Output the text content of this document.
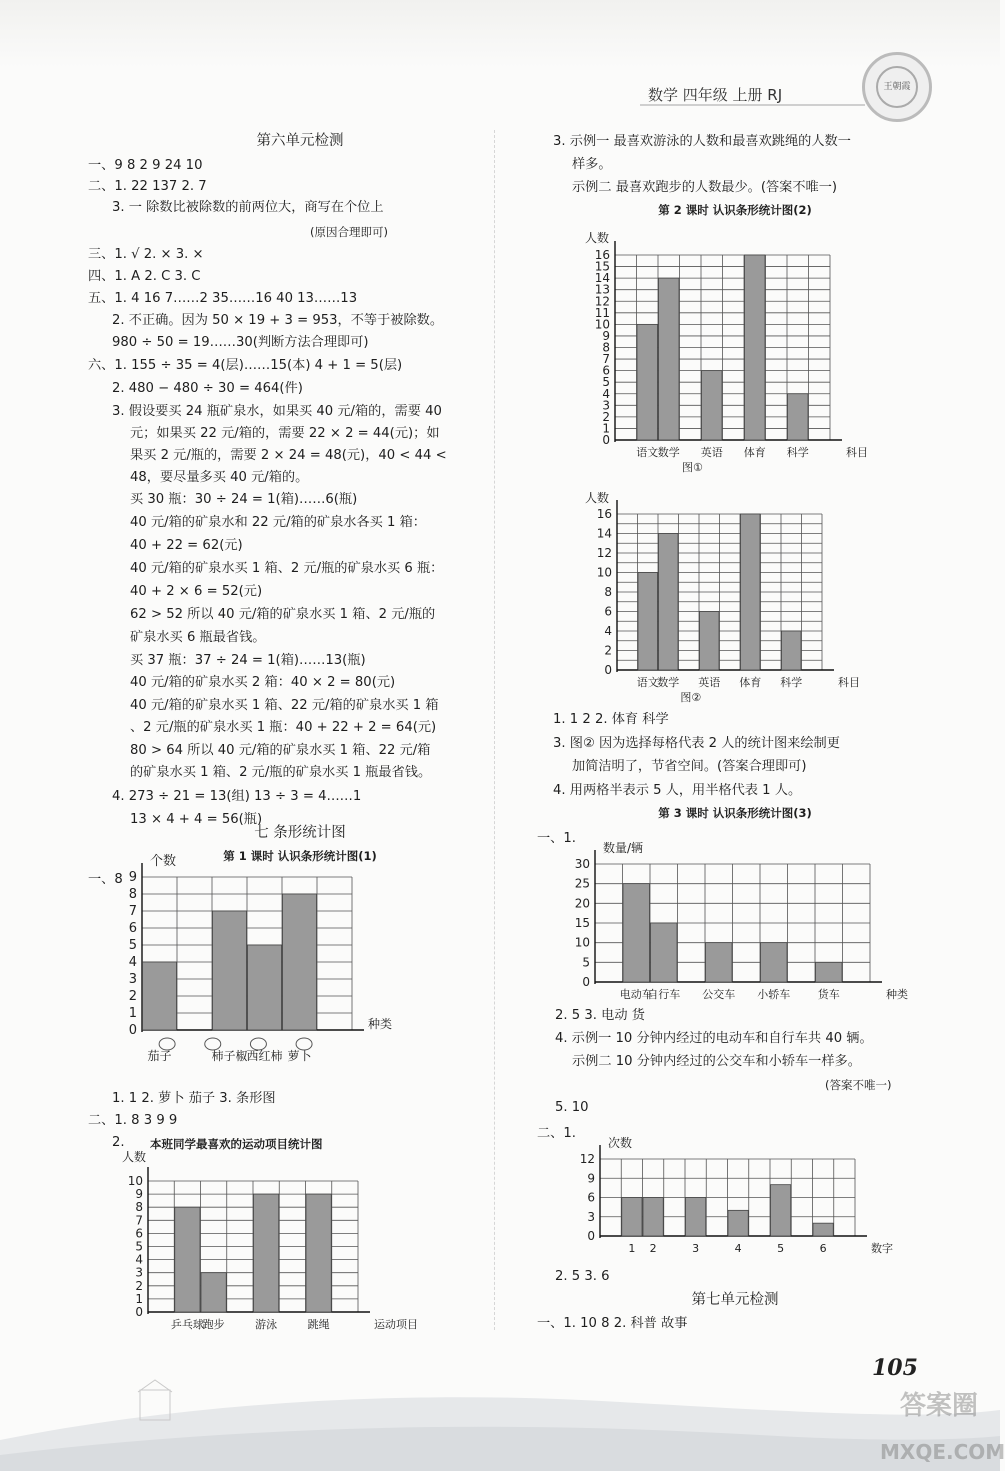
数学 四年级 上册 RJ	王朝霞
第六单元检测
一、9 8 2 9 24 10
二、1. 22 137 2. 7
3. 一 除数比被除数的前两位大，商写在个位上
(原因合理即可)
三、1. √ 2. × 3. ×
四、1. A 2. C 3. C
五、1. 4 16 7……2 35……16 40 13……13
2. 不正确。因为 50 × 19 + 3 = 953，不等于被除数。
980 ÷ 50 = 19……30(判断方法合理即可)
六、1. 155 ÷ 35 = 4(层)……15(本) 4 + 1 = 5(层)
2. 480 − 480 ÷ 30 = 464(件)
3. 假设要买 24 瓶矿泉水，如果买 40 元/箱的，需要 40
元；如果买 22 元/箱的，需要 22 × 2 = 44(元)；如
果买 2 元/瓶的，需要 2 × 24 = 48(元)，40 < 44 <
48，要尽量多买 40 元/箱的。
买 30 瓶：30 ÷ 24 = 1(箱)……6(瓶)
40 元/箱的矿泉水和 22 元/箱的矿泉水各买 1 箱：
40 + 22 = 62(元)
40 元/箱的矿泉水买 1 箱、2 元/瓶的矿泉水买 6 瓶：
40 + 2 × 6 = 52(元)
62 > 52 所以 40 元/箱的矿泉水买 1 箱、2 元/瓶的
矿泉水买 6 瓶最省钱。
买 37 瓶：37 ÷ 24 = 1(箱)……13(瓶)
40 元/箱的矿泉水买 2 箱：40 × 2 = 80(元)
40 元/箱的矿泉水买 1 箱、22 元/箱的矿泉水买 1 箱
、2 元/瓶的矿泉水买 1 瓶：40 + 22 + 2 = 64(元)
80 > 64 所以 40 元/箱的矿泉水买 1 箱、22 元/箱
的矿泉水买 1 箱、2 元/瓶的矿泉水买 1 瓶最省钱。
4. 273 ÷ 21 = 13(组) 13 ÷ 3 = 4……1
13 × 4 + 4 = 56(瓶)
七 条形统计图
第 1 课时 认识条形统计图(1)
一、8
0
1
2
3
4
5
6
7
8
9
个数
茄子	柿子椒
西红柿 萝卜
种类
1. 1 2. 萝卜 茄子 3. 条形图
二、1. 8 3 9 9
2. 本班同学最喜欢的运动项目统计图
0
1
2
3
4
5
6
7
8
9
10
人数
乒乓球
跑步	游泳	跳绳	运动项目
3. 示例一 最喜欢游泳的人数和最喜欢跳绳的人数一
样多。
示例二 最喜欢跑步的人数最少。(答案不唯一)
第 2 课时 认识条形统计图(2)
0
1
2
3
4
5
6
7
8
9
10
11
12
13
14
15
16
人数
语文 数学 英语 体育 科学	科目
图①
0
2
4
6
8
10
12
14
16
人数
语文
数学 英语 体育 科学	科目
图②
1. 1 2 2. 体育 科学
3. 图② 因为选择每格代表 2 人的统计图来绘制更
加简洁明了，节省空间。(答案合理即可)
4. 用两格半表示 5 人，用半格代表 1 人。
第 3 课时 认识条形统计图(3)
一、1.
0
5
10
15
20
25
30
数量/辆
电动车
自行车 公交车 小轿车	货车	种类
2. 5 3. 电动 货
4. 示例一 10 分钟内经过的电动车和自行车共 40 辆。
示例二 10 分钟内经过的公交车和小轿车一样多。
(答案不唯一)
5. 10
二、1.
0
3
6
9
12
次数
1 2	3	4	5	6	数字
2. 5 3. 6
第七单元检测
一、1. 10 8 2. 科普 故事
105
答案圈
MXQE.COM
